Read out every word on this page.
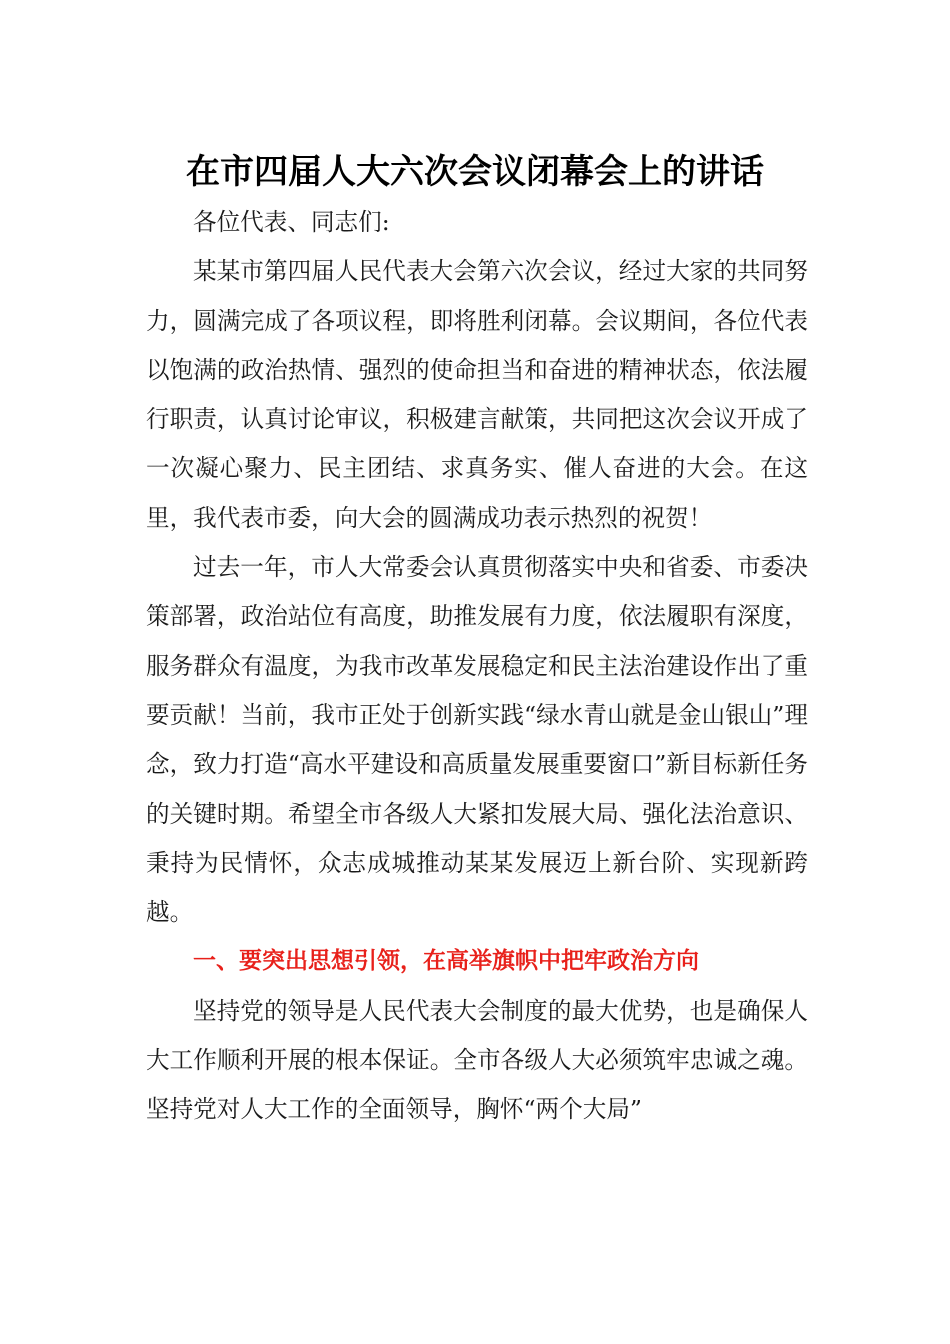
在市四届人大六次会议闭幕会上的讲话

各位代表、同志们:

某某市第四届人民代表大会第六次会议，经过大家的共同努力，圆满完成了各项议程，即将胜利闭幕。会议期间，各位代表以饱满的政治热情、强烈的使命担当和奋进的精神状态，依法履行职责，认真讨论审议，积极建言献策，共同把这次会议开成了一次凝心聚力、民主团结、求真务实、催人奋进的大会。在这里，我代表市委，向大会的圆满成功表示热烈的祝贺！

过去一年，市人大常委会认真贯彻落实中央和省委、市委决策部署，政治站位有高度，助推发展有力度，依法履职有深度，服务群众有温度，为我市改革发展稳定和民主法治建设作出了重要贡献！当前，我市正处于创新实践“绿水青山就是金山银山”理念，致力打造“高水平建设和高质量发展重要窗口”新目标新任务的关键时期。希望全市各级人大紧扣发展大局、强化法治意识、秉持为民情怀，众志成城推动某某发展迈上新台阶、实现新跨越。

一、要突出思想引领，在高举旗帜中把牢政治方向

坚持党的领导是人民代表大会制度的最大优势，也是确保人大工作顺利开展的根本保证。全市各级人大必须筑牢忠诚之魂。坚持党对人大工作的全面领导，胸怀“两个大局”
